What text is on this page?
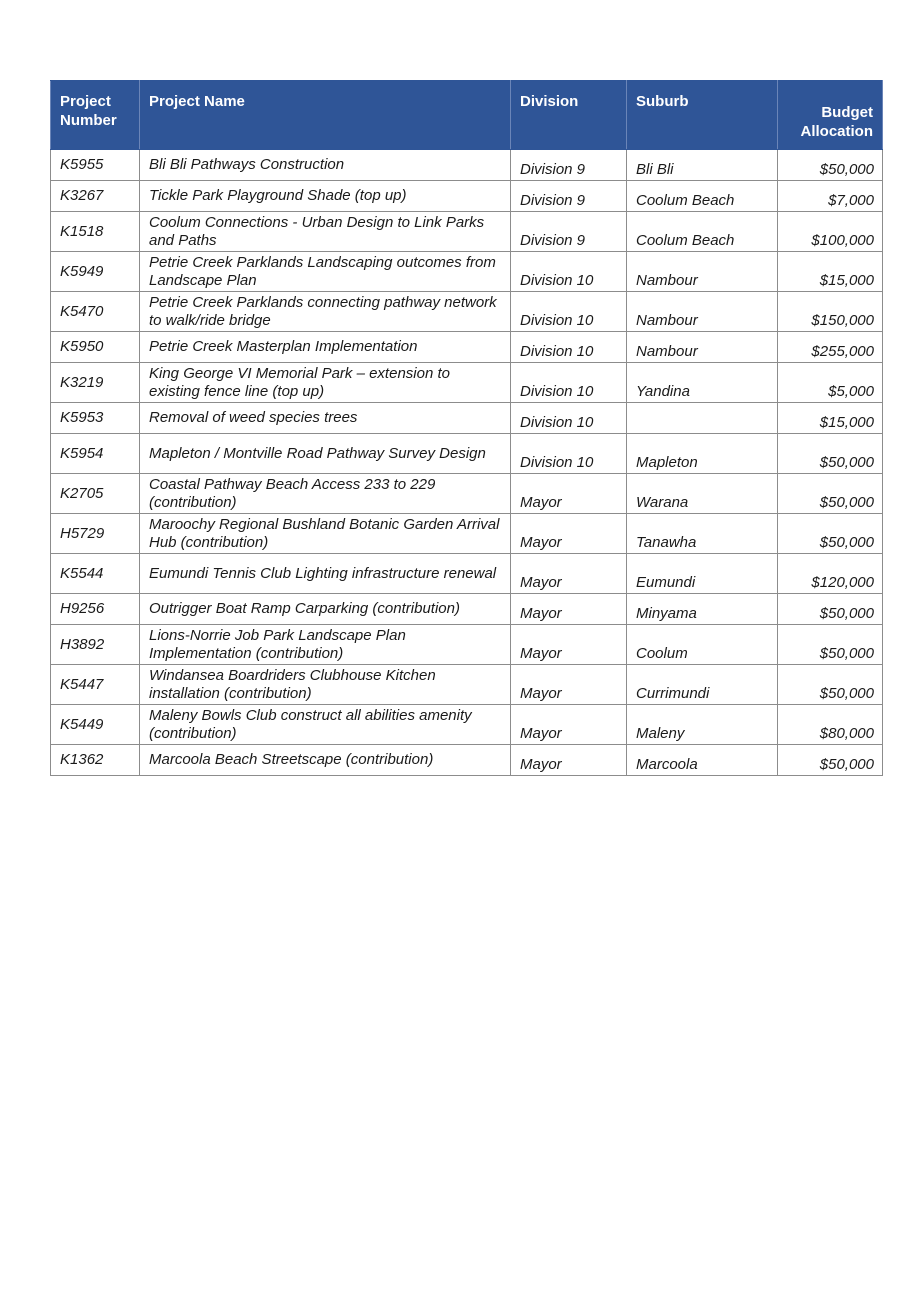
Project Number	Project Name	Division	Suburb	Budget Allocation
K5955	Bli Bli Pathways Construction	Division 9	Bli Bli	$50,000
K3267	Tickle Park Playground Shade (top up)	Division 9	Coolum Beach	$7,000
K1518	Coolum Connections - Urban Design to Link Parks and Paths	Division 9	Coolum Beach	$100,000
K5949	Petrie Creek Parklands Landscaping outcomes from Landscape Plan	Division 10	Nambour	$15,000
K5470	Petrie Creek Parklands connecting pathway network to walk/ride bridge	Division 10	Nambour	$150,000
K5950	Petrie Creek Masterplan Implementation	Division 10	Nambour	$255,000
K3219	King George VI Memorial Park – extension to existing fence line (top up)	Division 10	Yandina	$5,000
K5953	Removal of weed species trees	Division 10		$15,000
K5954	Mapleton / Montville Road Pathway Survey Design	Division 10	Mapleton	$50,000
K2705	Coastal Pathway Beach Access 233 to 229 (contribution)	Mayor	Warana	$50,000
H5729	Maroochy Regional Bushland Botanic Garden Arrival Hub (contribution)	Mayor	Tanawha	$50,000
K5544	Eumundi Tennis Club Lighting infrastructure renewal	Mayor	Eumundi	$120,000
H9256	Outrigger Boat Ramp Carparking (contribution)	Mayor	Minyama	$50,000
H3892	Lions-Norrie Job Park Landscape Plan Implementation (contribution)	Mayor	Coolum	$50,000
K5447	Windansea Boardriders Clubhouse Kitchen installation (contribution)	Mayor	Currimundi	$50,000
K5449	Maleny Bowls Club construct all abilities amenity (contribution)	Mayor	Maleny	$80,000
K1362	Marcoola Beach Streetscape (contribution)	Mayor	Marcoola	$50,000
